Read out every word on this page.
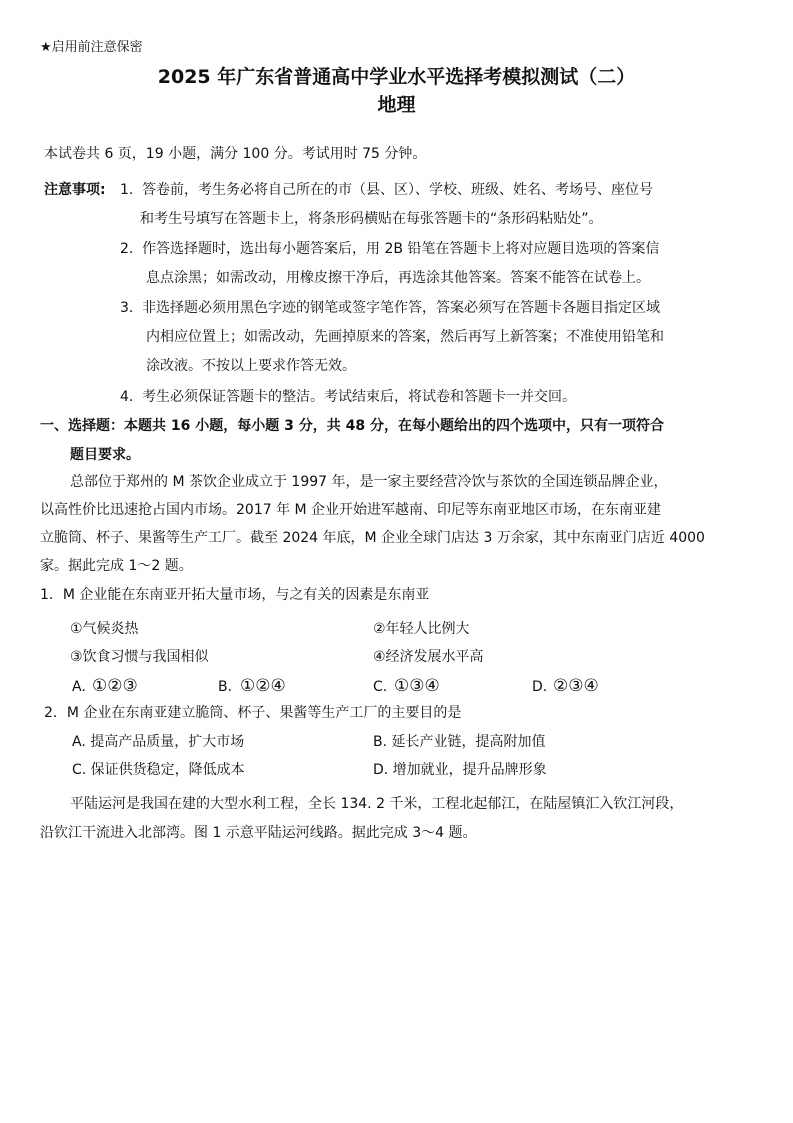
★启用前注意保密
2025 年广东省普通高中学业水平选择考模拟测试（二）
地理
本试卷共 6 页，19 小题，满分 100 分。考试用时 75 分钟。
注意事项: 1. 答卷前，考生务必将自己所在的市（县、区）、学校、班级、姓名、考场号、座位号
和考生号填写在答题卡上，将条形码横贴在每张答题卡的“条形码粘贴处”。
2. 作答选择题时，选出每小题答案后，用 2B 铅笔在答题卡上将对应题目选项的答案信
息点涂黑；如需改动，用橡皮擦干净后，再选涂其他答案。答案不能答在试卷上。
3. 非选择题必须用黑色字迹的钢笔或签字笔作答，答案必须写在答题卡各题目指定区域
内相应位置上；如需改动，先画掉原来的答案，然后再写上新答案；不准使用铅笔和
涂改液。不按以上要求作答无效。
4. 考生必须保证答题卡的整洁。考试结束后，将试卷和答题卡一并交回。
一、选择题：本题共 16 小题，每小题 3 分，共 48 分，在每小题给出的四个选项中，只有一项符合
题目要求。
总部位于郑州的 M 茶饮企业成立于 1997 年，是一家主要经营冷饮与茶饮的全国连锁品牌企业，
以高性价比迅速抢占国内市场。2017 年 M 企业开始进军越南、印尼等东南亚地区市场，在东南亚建
立脆筒、杯子、果酱等生产工厂。截至 2024 年底，M 企业全球门店达 3 万余家，其中东南亚门店近 4000
家。据此完成 1～2 题。
1．M 企业能在东南亚开拓大量市场，与之有关的因素是东南亚
①气候炎热	②年轻人比例大
③饮食习惯与我国相似	④经济发展水平高
A. ①②③	B. ①②④	C. ①③④	D. ②③④
2．M 企业在东南亚建立脆筒、杯子、果酱等生产工厂的主要目的是
A. 提高产品质量，扩大市场	B. 延长产业链，提高附加值
C. 保证供货稳定，降低成本	D. 增加就业，提升品牌形象
平陆运河是我国在建的大型水利工程，全长 134. 2 千米，工程北起郁江，在陆屋镇汇入钦江河段，
沿钦江干流进入北部湾。图 1 示意平陆运河线路。据此完成 3～4 题。
